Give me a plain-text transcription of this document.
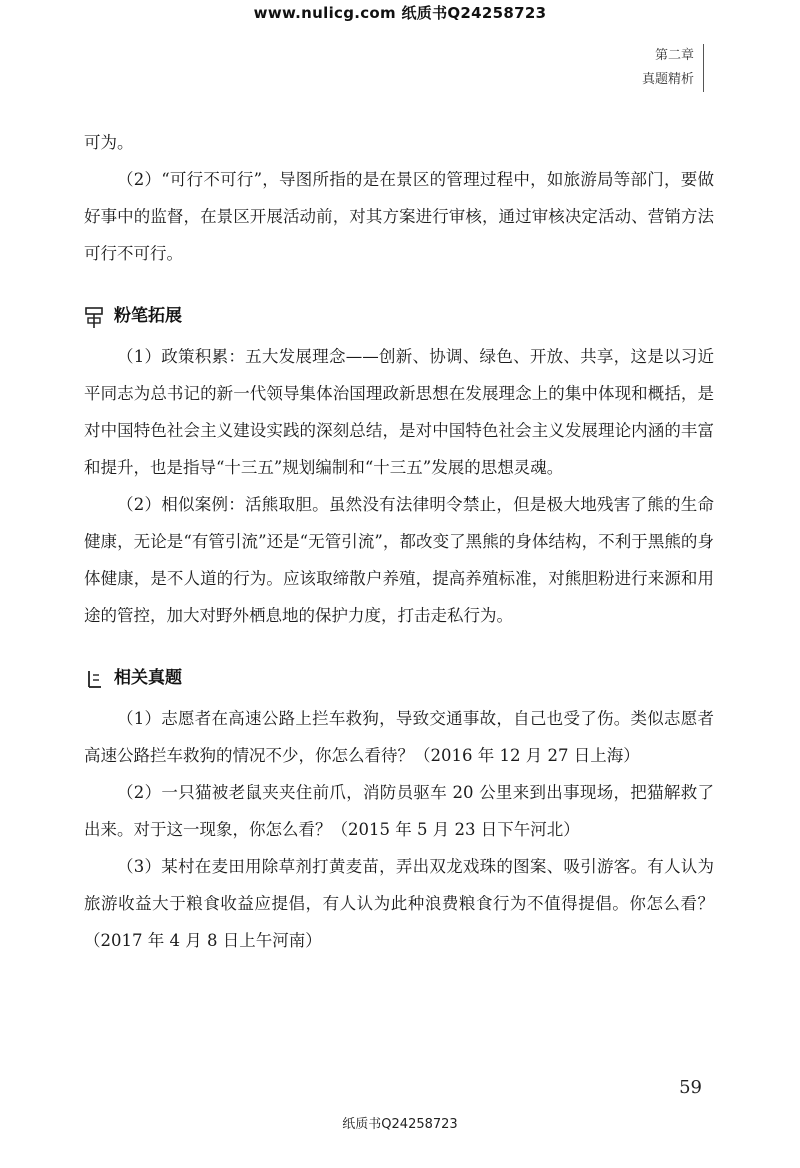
www.nulicg.com 纸质书Q24258723
第二章
真题精析

可为。

（2）“可行不可行”，导图所指的是在景区的管理过程中，如旅游局等部门，要做好事中的监督，在景区开展活动前，对其方案进行审核，通过审核决定活动、营销方法可行不可行。

粉笔拓展

（1）政策积累：五大发展理念——创新、协调、绿色、开放、共享，这是以习近平同志为总书记的新一代领导集体治国理政新思想在发展理念上的集中体现和概括，是对中国特色社会主义建设实践的深刻总结，是对中国特色社会主义发展理论内涵的丰富和提升，也是指导“十三五”规划编制和“十三五”发展的思想灵魂。

（2）相似案例：活熊取胆。虽然没有法律明令禁止，但是极大地残害了熊的生命健康，无论是“有管引流”还是“无管引流”，都改变了黑熊的身体结构，不利于黑熊的身体健康，是不人道的行为。应该取缔散户养殖，提高养殖标准，对熊胆粉进行来源和用途的管控，加大对野外栖息地的保护力度，打击走私行为。

相关真题

（1）志愿者在高速公路上拦车救狗，导致交通事故，自己也受了伤。类似志愿者高速公路拦车救狗的情况不少，你怎么看待？（2016 年 12 月 27 日上海）

（2）一只猫被老鼠夹夹住前爪，消防员驱车 20 公里来到出事现场，把猫解救了出来。对于这一现象，你怎么看？（2015 年 5 月 23 日下午河北）

（3）某村在麦田用除草剂打黄麦苗，弄出双龙戏珠的图案、吸引游客。有人认为旅游收益大于粮食收益应提倡，有人认为此种浪费粮食行为不值得提倡。你怎么看？（2017 年 4 月 8 日上午河南）

59
纸质书Q24258723
